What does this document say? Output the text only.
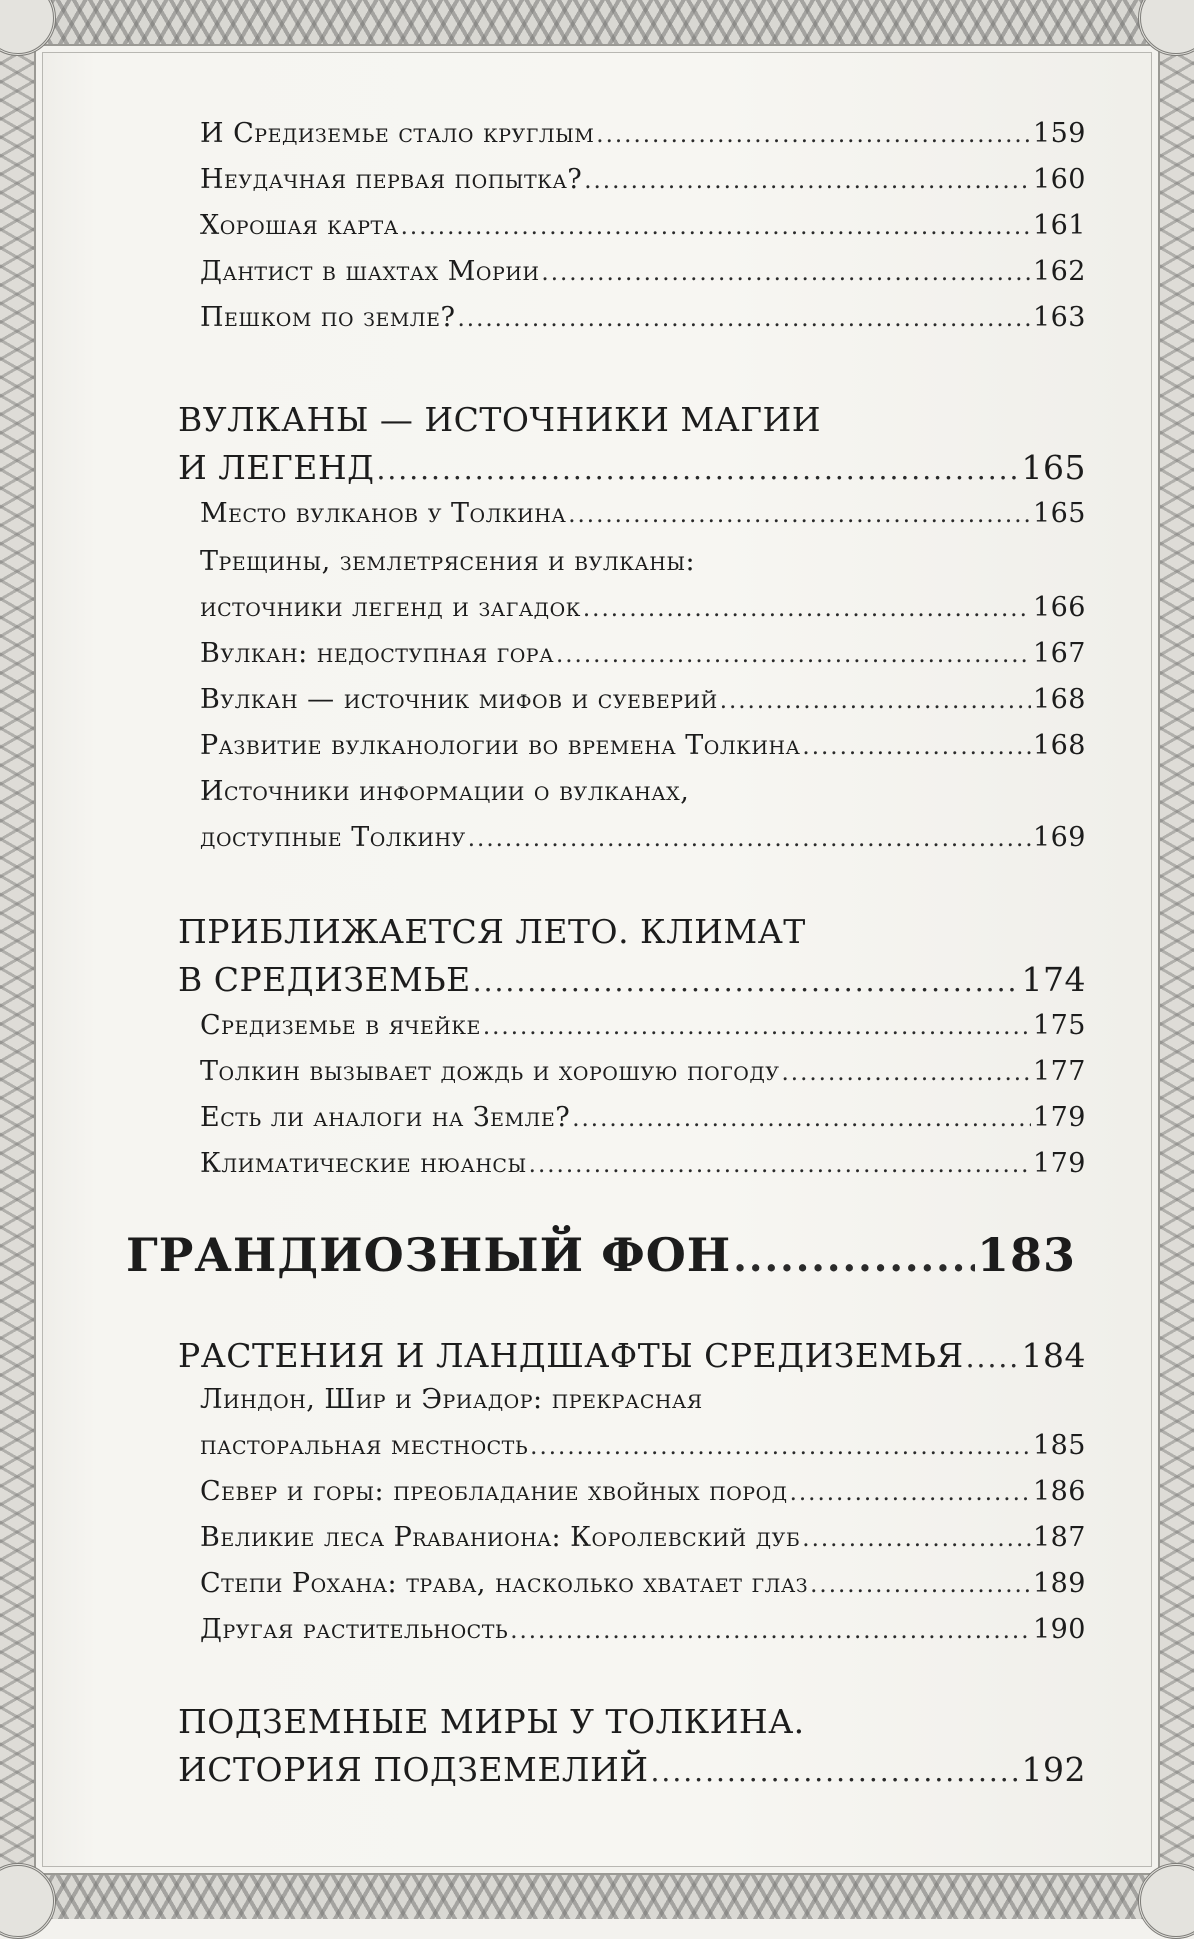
И Средиземье стало круглым .....	159
Неудачная первая попытка? .....	160
Хорошая карта .....	161
Дантист в шахтах Мории .....	162
Пешком по земле? .....	163
ВУЛКАНЫ — ИСТОЧНИКИ МАГИИ
И ЛЕГЕНД .....	165
Место вулканов у Толкина .....	165
Трещины, землетрясения и вулканы:
источники легенд и загадок .....	166
Вулкан: недоступная гора .....	167
Вулкан — источник мифов и суеверий .....	168
Развитие вулканологии во времена Толкина .....	168
Источники информации о вулканах,
доступные Толкину .....	169
ПРИБЛИЖАЕТСЯ ЛЕТО. КЛИМАТ
В СРЕДИЗЕМЬЕ .....	174
Средиземье в ячейке .....	175
Толкин вызывает дождь и хорошую погоду .....	177
Есть ли аналоги на Земле? .....	179
Климатические нюансы .....	179
ГРАНДИОЗНЫЙ ФОН .....	183
РАСТЕНИЯ И ЛАНДШАФТЫ СРЕДИЗЕМЬЯ ..... 184
Линдон, Шир и Эриадор: прекрасная
пасторальная местность .....	185
Север и горы: преобладание хвойных пород .....	186
Великие леса Praвaниoнa: Королевский дуб .....	187
Степи Рохана: трава, насколько хватает глаз .....	189
Другая растительность .....	190
ПОДЗЕМНЫЕ МИРЫ У ТОЛКИНА.
ИСТОРИЯ ПОДЗЕМЕЛИЙ .....	192
